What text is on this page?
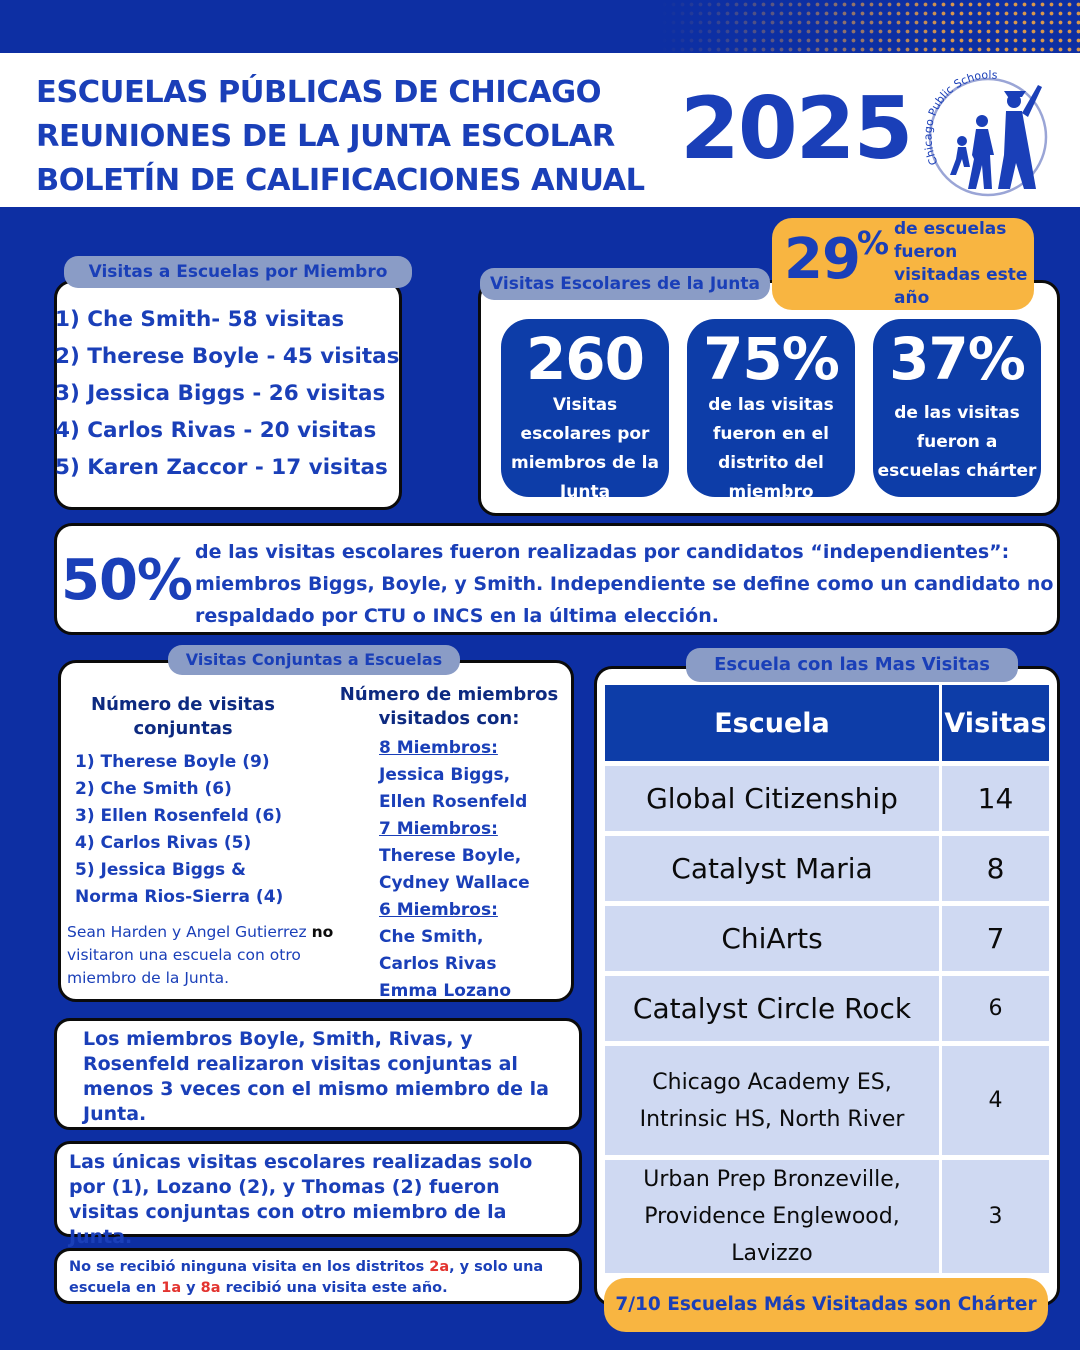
ESCUELAS PÚBLICAS DE CHICAGO
REUNIONES DE LA JUNTA ESCOLAR
BOLETÍN DE CALIFICACIONES ANUAL
2025	Chicago Public Schools
1) Che Smith- 58 visitas
2) Therese Boyle - 45 visitas
3) Jessica Biggs - 26 visitas
4) Carlos Rivas - 20 visitas
5) Karen Zaccor - 17 visitas
Visitas a Escuelas por Miembro
260
Visitas escolares por miembros de la Junta
75%
de las visitas fueron en el distrito del miembro
37%
de las visitas fueron a escuelas chárter
Visitas Escolares de la Junta 29
% de escuelas fueron visitadas este año
50% de las visitas escolares fueron realizadas por candidatos “independientes”: miembros Biggs, Boyle, y Smith. Independiente se define como un candidato no respaldado por CTU o INCS en la última elección.
Número de visitas conjuntas
1) Therese Boyle (9)
2) Che Smith (6)
3) Ellen Rosenfeld (6)
4) Carlos Rivas (5)
5) Jessica Biggs &
Norma Rios-Sierra (4)
Sean Harden y Angel Gutierrez no visitaron una escuela con otro miembro de la Junta.
Número de miembros visitados con:
8 Miembros:
Jessica Biggs,
Ellen Rosenfeld
7 Miembros:
Therese Boyle,
Cydney Wallace
6 Miembros:
Che Smith,
Carlos Rivas
Emma Lozano
Visitas Conjuntas a Escuelas
Los miembros Boyle, Smith, Rivas, y Rosenfeld realizaron visitas conjuntas al menos 3 veces con el mismo miembro de la Junta.
Las únicas visitas escolares realizadas solo por (1), Lozano (2), y Thomas (2) fueron visitas conjuntas con otro miembro de la Junta.
No se recibió ninguna visita en los distritos 2a, y solo una escuela en 1a y 8a recibió una visita este año.
Escuela	Visitas
Global Citizenship	14
Catalyst Maria	8
ChiArts	7
Catalyst Circle Rock	6
Chicago Academy ES, Intrinsic HS, North River	4
Urban Prep Bronzeville, Providence Englewood, Lavizzo	3
Escuela con las Mas Visitas
7/10 Escuelas Más Visitadas son Chárter
